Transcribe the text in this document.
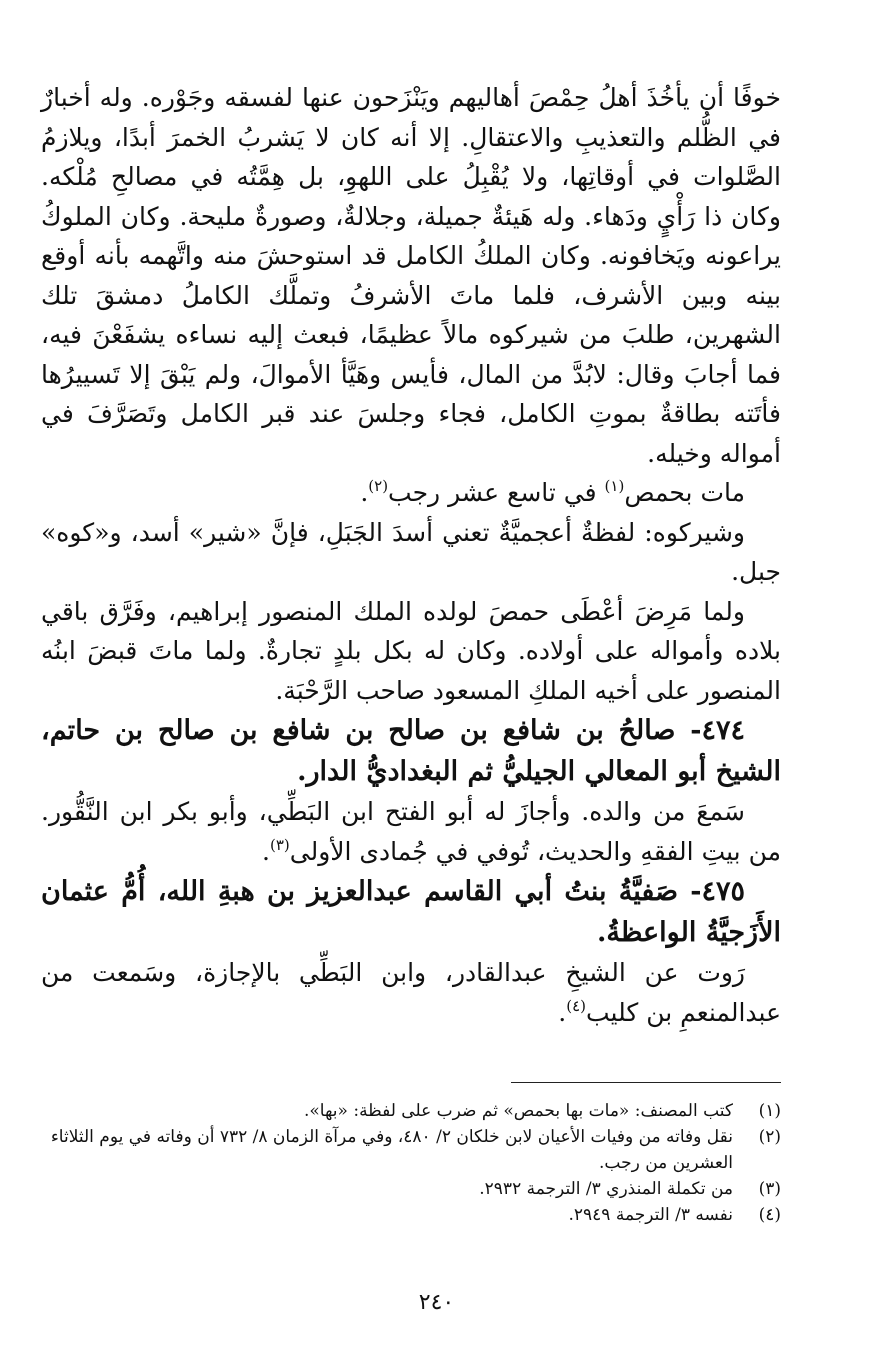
خوفًا أن يأخُذَ أهلُ حِمْصَ أهاليهم ويَنْزَحون عنها لفسقه وجَوْره. وله أخبارٌ في الظُّلم والتعذيبِ والاعتقالِ. إلا أنه كان لا يَشربُ الخمرَ أبدًا، ويلازمُ الصَّلوات في أوقاتِها، ولا يُقْبِلُ على اللهوِ، بل هِمَّتُه في مصالحِ مُلْكه. وكان ذا رَأْيٍ ودَهاء. وله هَيئةٌ جميلة، وجلالةٌ، وصورةٌ مليحة. وكان الملوكُ يراعونه ويَخافونه. وكان الملكُ الكامل قد استوحشَ منه واتَّهمه بأنه أوقع بينه وبين الأشرف، فلما ماتَ الأشرفُ وتملَّك الكاملُ دمشقَ تلك الشهرين، طلبَ من شيركوه مالاً عظيمًا، فبعث إليه نساءه يشفَعْنَ فيه، فما أجابَ وقال: لابُدَّ من المال، فأيس وهَيَّأ الأموالَ، ولم يَبْقَ إلا تَسييرُها فأتَته بطاقةٌ بموتِ الكامل، فجاء وجلسَ عند قبر الكامل وتَصَرَّفَ في أمواله وخيله.

مات بحمص$^{(١)}$ في تاسع عشر رجب$^{(٢)}$.

وشيركوه: لفظةٌ أعجميَّةٌ تعني أسدَ الجَبَلِ، فإنَّ «شير» أسد، و«كوه» جبل.

ولما مَرِضَ أعْطَى حمصَ لولده الملك المنصور إبراهيم، وفَرَّق باقي بلاده وأمواله على أولاده. وكان له بكل بلدٍ تجارةٌ. ولما ماتَ قبضَ ابنُه المنصور على أخيه الملكِ المسعود صاحب الرَّحْبَة.

٤٧٤- صالحُ بن شافع بن صالح بن شافع بن صالح بن حاتم، الشيخ أبو المعالي الجيليُّ ثم البغداديُّ الدار.

سَمعَ من والده. وأجازَ له أبو الفتح ابن البَطِّي، وأبو بكر ابن النَّقُّور. من بيتِ الفقهِ والحديث، تُوفي في جُمادى الأولى$^{(٣)}$.

٤٧٥- صَفيَّةُ بنتُ أبي القاسم عبدالعزيز بن هبةِ الله، أُمُّ عثمان الأَزَجيَّةُ الواعظةُ.

رَوت عن الشيخِ عبدالقادر، وابن البَطِّي بالإجازة، وسَمعت من عبدالمنعمِ بن كليب$^{(٤)}$.

(١)
كتب المصنف: «مات بها بحمص» ثم ضرب على لفظة: «بها».
(٢)
نقل وفاته من وفيات الأعيان لابن خلكان ٢/ ٤٨٠، وفي مرآة الزمان ٨/ ٧٣٢ أن وفاته في يوم الثلاثاء العشرين من رجب.
(٣)
من تكملة المنذري ٣/ الترجمة ٢٩٣٢.
(٤)
نفسه ٣/ الترجمة ٢٩٤٩.
٢٤٠
